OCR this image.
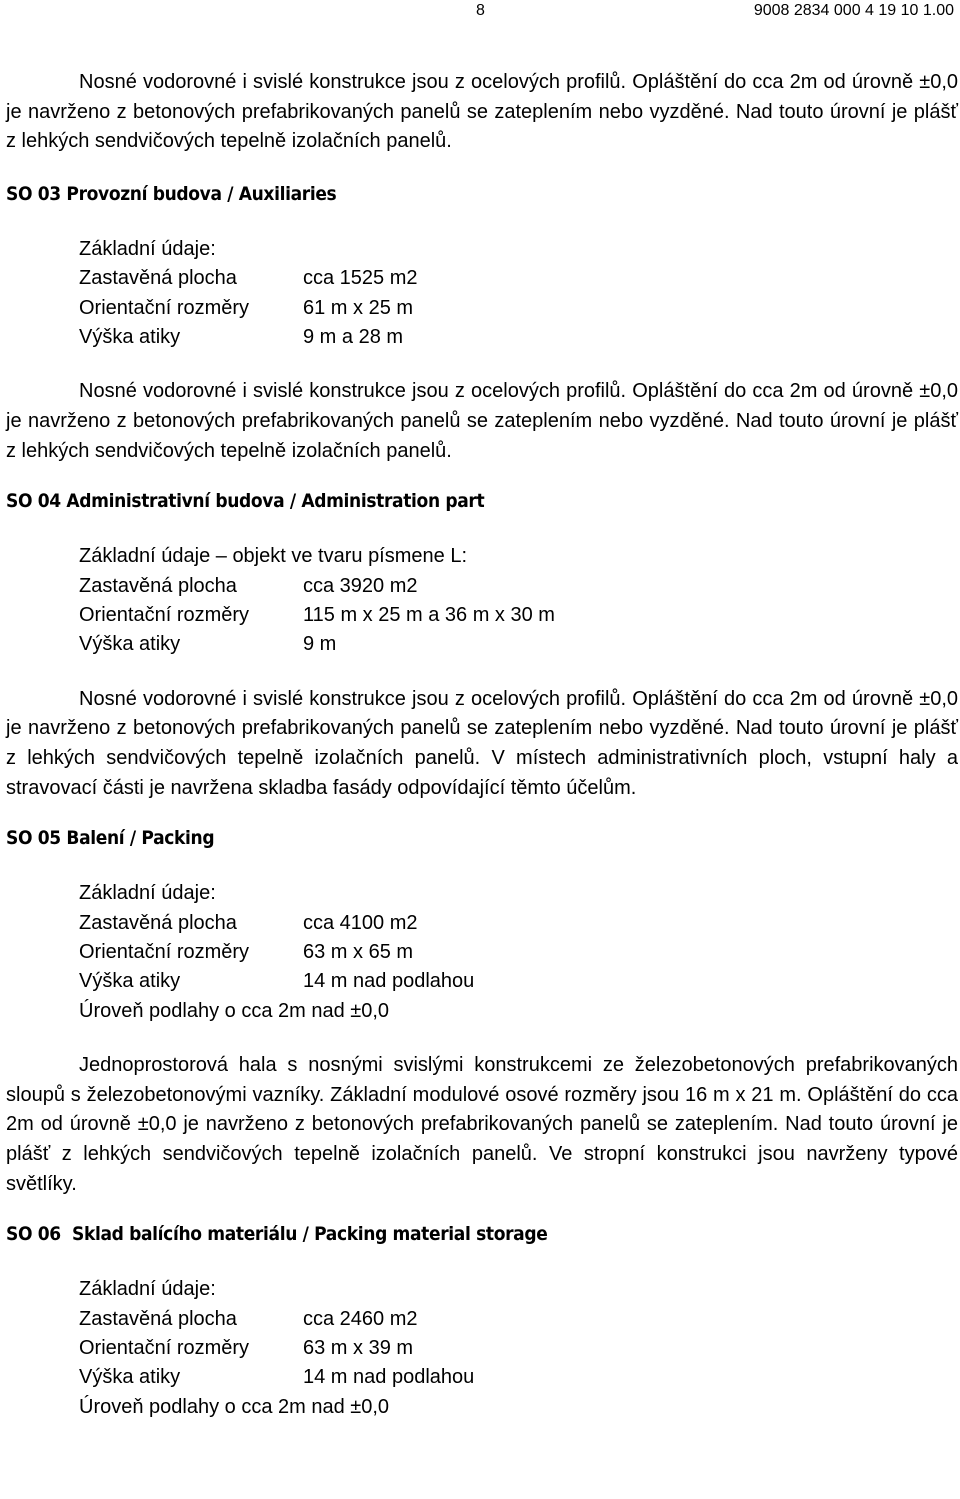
8	9008 2834 000 4 19 10 1.00

Nosné vodorovné i svislé konstrukce jsou z ocelových profilů. Opláštění do cca 2m od úrovně ±0,0 je navrženo z betonových prefabrikovaných panelů se zateplením nebo vyzděné. Nad touto úrovní je plášť z lehkých sendvičových tepelně izolačních panelů.

SO 03 Provozní budova / Auxiliaries
Základní údaje:
Zastavěná plocha	cca 1525 m2
Orientační rozměry	61 m x 25 m
Výška atiky	9 m a 28 m

Nosné vodorovné i svislé konstrukce jsou z ocelových profilů. Opláštění do cca 2m od úrovně ±0,0 je navrženo z betonových prefabrikovaných panelů se zateplením nebo vyzděné. Nad touto úrovní je plášť z lehkých sendvičových tepelně izolačních panelů.

SO 04 Administrativní budova / Administration part
Základní údaje – objekt ve tvaru písmene L:
Zastavěná plocha	cca 3920 m2
Orientační rozměry	115 m x 25 m a 36 m x 30 m
Výška atiky	9 m

Nosné vodorovné i svislé konstrukce jsou z ocelových profilů. Opláštění do cca 2m od úrovně ±0,0 je navrženo z betonových prefabrikovaných panelů se zateplením nebo vyzděné. Nad touto úrovní je plášť z lehkých sendvičových tepelně izolačních panelů. V místech administrativních ploch, vstupní haly a stravovací části je navržena skladba fasády odpovídající těmto účelům.

SO 05 Balení / Packing
Základní údaje:
Zastavěná plocha	cca 4100 m2
Orientační rozměry	63 m x 65 m
Výška atiky	14 m nad podlahou
Úroveň podlahy o cca 2m nad ±0,0

Jednoprostorová hala s nosnými svislými konstrukcemi ze železobetonových prefabrikovaných sloupů s železobetonovými vazníky. Základní modulové osové rozměry jsou 16 m x 21 m. Opláštění do cca 2m od úrovně ±0,0 je navrženo z betonových prefabrikovaných panelů se zateplením. Nad touto úrovní je plášť z lehkých sendvičových tepelně izolačních panelů. Ve stropní konstrukci jsou navrženy typové světlíky.

SO 06  Sklad balícího materiálu / Packing material storage
Základní údaje:
Zastavěná plocha	cca 2460 m2
Orientační rozměry	63 m x 39 m
Výška atiky	14 m nad podlahou
Úroveň podlahy o cca 2m nad ±0,0
